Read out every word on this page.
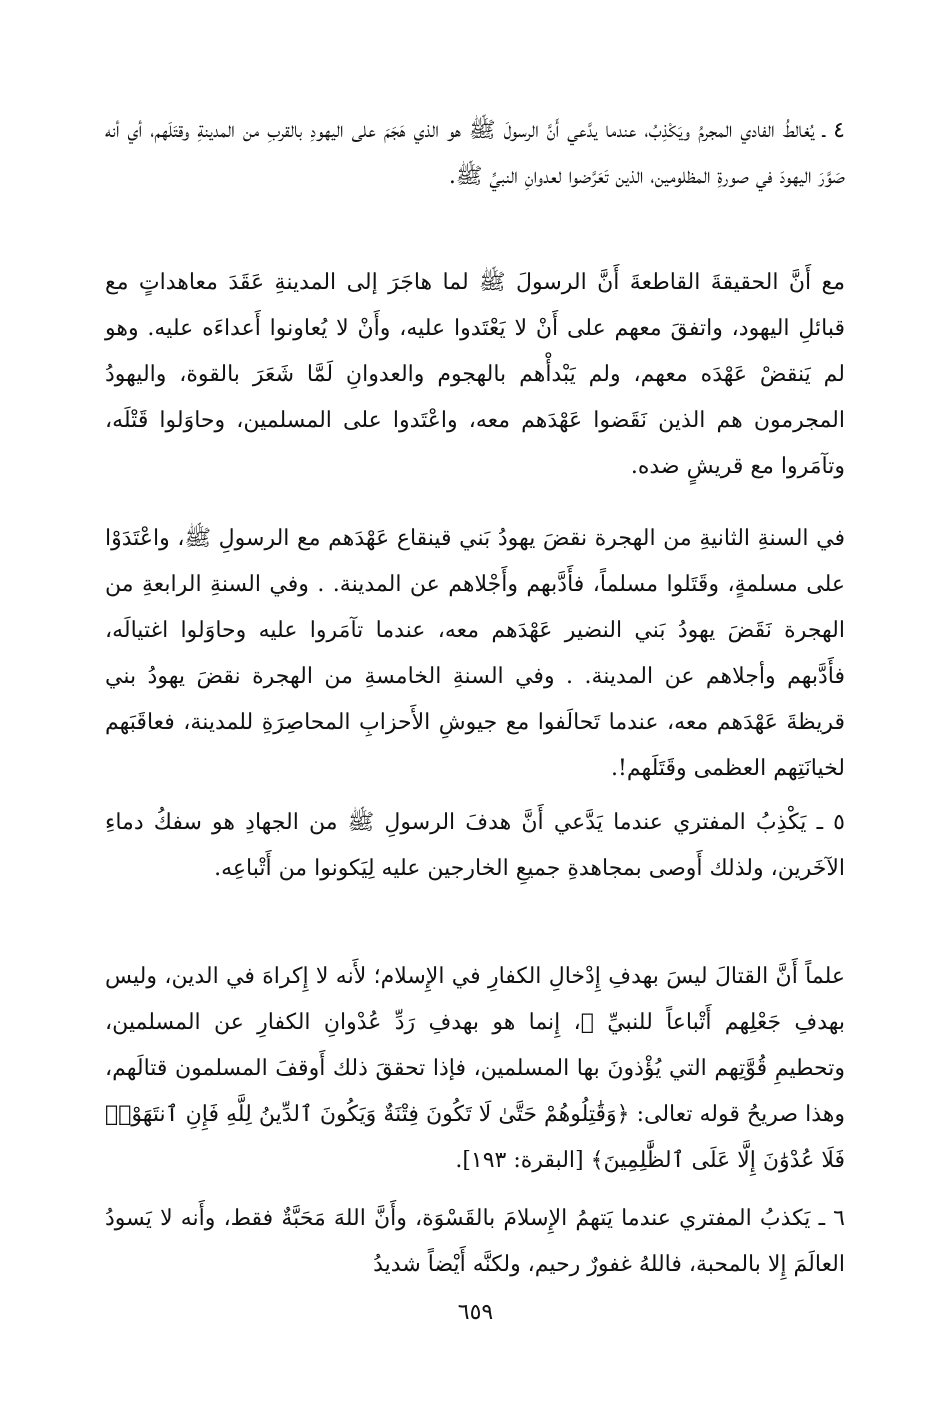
٤ ـ يُغالطُ الفادي المجرمُ ويَكْذِبُ، عندما يدَّعي أَنَّ الرسولَ ﷺ هو الذي هَجَمَ على اليهودِ بالقربِ من المدينةِ وقتَلَهم، أي أنه صَوَّرَ اليهودَ في صورةِ المظلومين، الذين تَعَرَّضوا لعدوانِ النبيِّ ﷺ.

مع أَنَّ الحقيقةَ القاطعةَ أَنَّ الرسولَ ﷺ لما هاجَرَ إلى المدينةِ عَقَدَ معاهداتٍ مع قبائلِ اليهود، واتفقَ معهم على أَنْ لا يَعْتَدوا عليه، وأَنْ لا يُعاونوا أَعداءَه عليه. وهو لم يَنقضْ عَهْدَه معهم، ولم يَبْدأْهم بالهجوم والعدوانِ لَمَّا شَعَرَ بالقوة، واليهودُ المجرمون هم الذين نَقَضوا عَهْدَهم معه، واعْتَدوا على المسلمين، وحاوَلوا قَتْلَه، وتآمَروا مع قريشٍ ضده.

في السنةِ الثانيةِ من الهجرة نقضَ يهودُ بَني قينقاع عَهْدَهم مع الرسولِ ﷺ، واعْتَدَوْا على مسلمةٍ، وقَتَلوا مسلماً، فأَدَّبهم وأَجْلاهم عن المدينة. . وفي السنةِ الرابعةِ من الهجرة نَقَضَ يهودُ بَني النضير عَهْدَهم معه، عندما تآمَروا عليه وحاوَلوا اغتيالَه، فأَدَّبهم وأجلاهم عن المدينة. . وفي السنةِ الخامسةِ من الهجرة نقضَ يهودُ بني قريظةَ عَهْدَهم معه، عندما تَحالَفوا مع جيوشِ الأَحزابِ المحاصِرَةِ للمدينة، فعاقَبَهم لخيانَتِهم العظمى وقَتَلَهم!.

٥ ـ يَكْذِبُ المفتري عندما يَدَّعي أَنَّ هدفَ الرسولِ ﷺ من الجهادِ هو سفكُ دماءِ الآخَرين، ولذلك أَوصى بمجاهدةِ جميعِ الخارجين عليه لِيَكونوا من أَتْباعِه.

علماً أَنَّ القتالَ ليسَ بهدفِ إِدْخالِ الكفارِ في الإِسلام؛ لأَنه لا إِكراهَ في الدين، وليس بهدفِ جَعْلِهم أَتْباعاً للنبيِّ ﷺ، إِنما هو بهدفِ رَدِّ عُدْوانِ الكفارِ عن المسلمين، وتحطيمِ قُوَّتِهم التي يُؤْذونَ بها المسلمين، فإذا تحققَ ذلك أَوقفَ المسلمون قتالَهم، وهذا صريحُ قوله تعالى: ﴿وَقَٰتِلُوهُمْ حَتَّىٰ لَا تَكُونَ فِتْنَةٌ وَيَكُونَ ٱلدِّينُ لِلَّهِ فَإِنِ ٱنتَهَوْا۟ فَلَا عُدْوَٰنَ إِلَّا عَلَى ٱلظَّٰلِمِينَ﴾ [البقرة: ١٩٣].

٦ ـ يَكذبُ المفتري عندما يَتهمُ الإِسلامَ بالقَسْوَة، وأَنَّ اللهَ مَحَبَّةٌ فقط، وأَنه لا يَسودُ العالَمَ إِلا بالمحبة، فاللهُ غفورٌ رحيم، ولكنَّه أَيْضاً شديدُ

٦٥٩
